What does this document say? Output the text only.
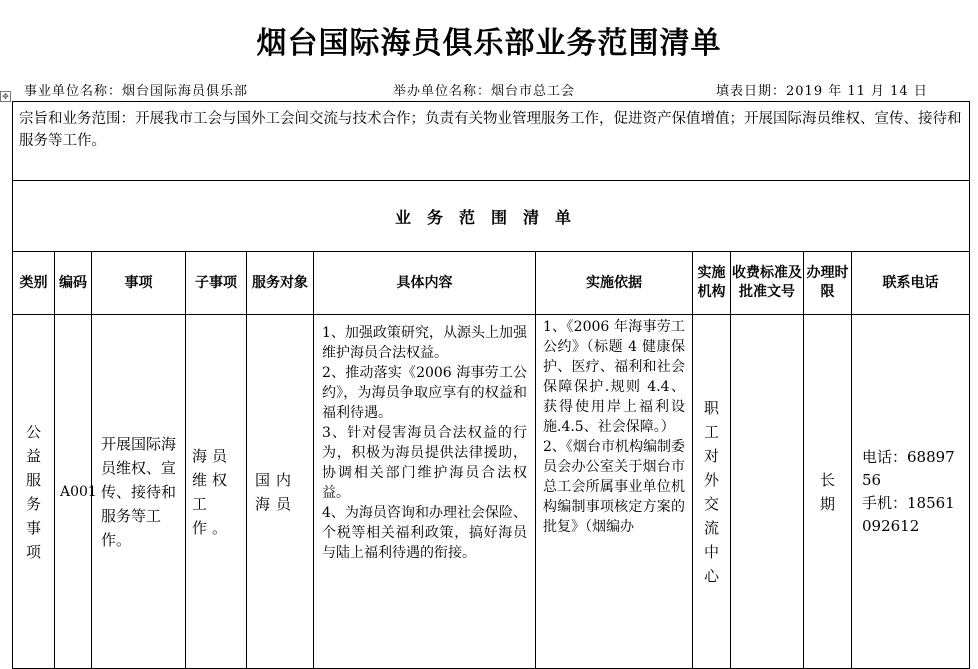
烟台国际海员俱乐部业务范围清单
事业单位名称：烟台国际海员俱乐部	举办单位名称：烟台市总工会	填表日期：2019 年 11 月 14 日
✥
宗旨和业务范围：开展我市工会与国外工会间交流与技术合作；负责有关物业管理服务工作，促进资产保值增值；开展国际海员维权、宣传、接待和服务等工作。										
业务范围清单										
类别	编码	事项	子事项	服务对象	具体内容	实施依据	实施机构	收费标准及批准文号	办理时限	联系电话
公益服务事项	A001	开展国际海员维权、宣传、接待和服务等工作。	海员维权工作。	国内海员	1、加强政策研究，从源头上加强维护海员合法权益。
2、推动落实《2006 海事劳工公约》，为海员争取应享有的权益和福利待遇。
3、针对侵害海员合法权益的行为，积极为海员提供法律援助，协调相关部门维护海员合法权益。
4、为海员咨询和办理社会保险、个税等相关福利政策，搞好海员与陆上福利待遇的衔接。	1、《2006 年海事劳工公约》（标题 4 健康保护、医疗、福利和社会保障保护.规则 4.4、获得使用岸上福利设施.4.5、社会保障。）
2、《烟台市机构编制委员会办公室关于烟台市总工会所属事业单位机构编制事项核定方案的批复》（烟编办	职工对外交流中心		长期	电话：6889756
手机：18561092612
